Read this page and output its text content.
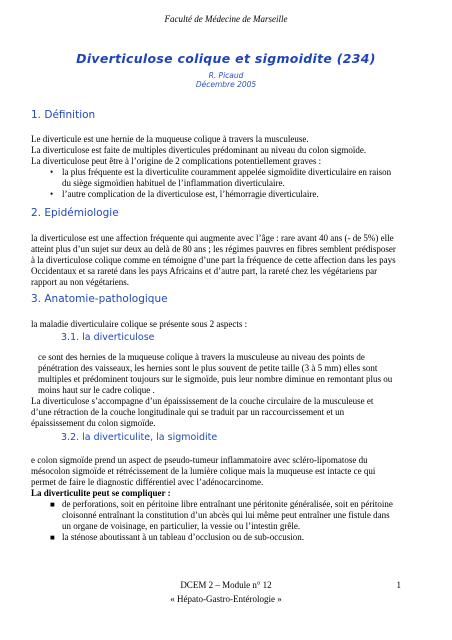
Faculté de Médecine de Marseille
Diverticulose colique et sigmoidite (234)
R. Picaud
Décembre 2005
1. Définition

Le diverticule est une hernie de la muqueuse colique à travers la musculeuse.

La diverticulose est faite de multiples diverticules prédominant au niveau du colon sigmoïde.

La diverticulose peut être à l’origine de 2 complications potentiellement graves :

• la plus fréquente est la diverticulite couramment appelée sigmoïdite diverticulaire en raison du siège sigmoïdien habituel de l’inflammation diverticulaire.
• l’autre complication de la diverticulose est, l’hémorragie diverticulaire.
2. Epidémiologie

la diverticulose est une affection fréquente qui augmente avec l’âge : rare avant 40 ans (- de 5%) elle atteint plus d’un sujet sur deux au delà de 80 ans ; les régimes pauvres en fibres semblent prédisposer à la diverticulose colique comme en témoigne d’une part la fréquence de cette affection dans les pays Occidentaux et sa rareté dans les pays Africains et d’autre part, la rareté chez les végétariens par rapport au non végétariens.

3. Anatomie-pathologique

la maladie diverticulaire colique se présente sous 2 aspects :

3.1. la diverticulose

ce sont des hernies de la muqueuse colique à travers la musculeuse au niveau des points de pénétration des vaisseaux, les hernies sont le plus souvent de petite taille (3 à 5 mm) elles sont multiples et prédominent toujours sur le sigmoïde, puis leur nombre diminue en remontant plus ou moins haut sur le cadre colique .

La diverticulose s’accompagne d’un épaississement de la couche circulaire de la musculeuse et d’une rétraction de la couche longitudinale qui se traduit par un raccourcissement et un épaississement du colon sigmoïde.

3.2. la diverticulite, la sigmoidite

e colon sigmoïde prend un aspect de pseudo-tumeur inflammatoire avec scléro-lipomatose du mésocolon sigmoïde et rétrécissement de la lumière colique mais la muqueuse est intacte ce qui permet de faire le diagnostic différentiel avec l’adénocarcinome.

La diverticulite peut se compliquer :

■ de perforations, soit en péritoine libre entraînant une péritonite généralisée, soit en péritoine cloisonné entraînant la constitution d’un abcès qui lui même peut entraîner une fistule dans un organe de voisinage, en particulier, la vessie ou l’intestin grêle.
■ la sténose aboutissant à un tableau d’occlusion ou de sub-occusion.
DCEM 2 – Module n° 12
« Hépato-Gastro-Entérologie »
1
